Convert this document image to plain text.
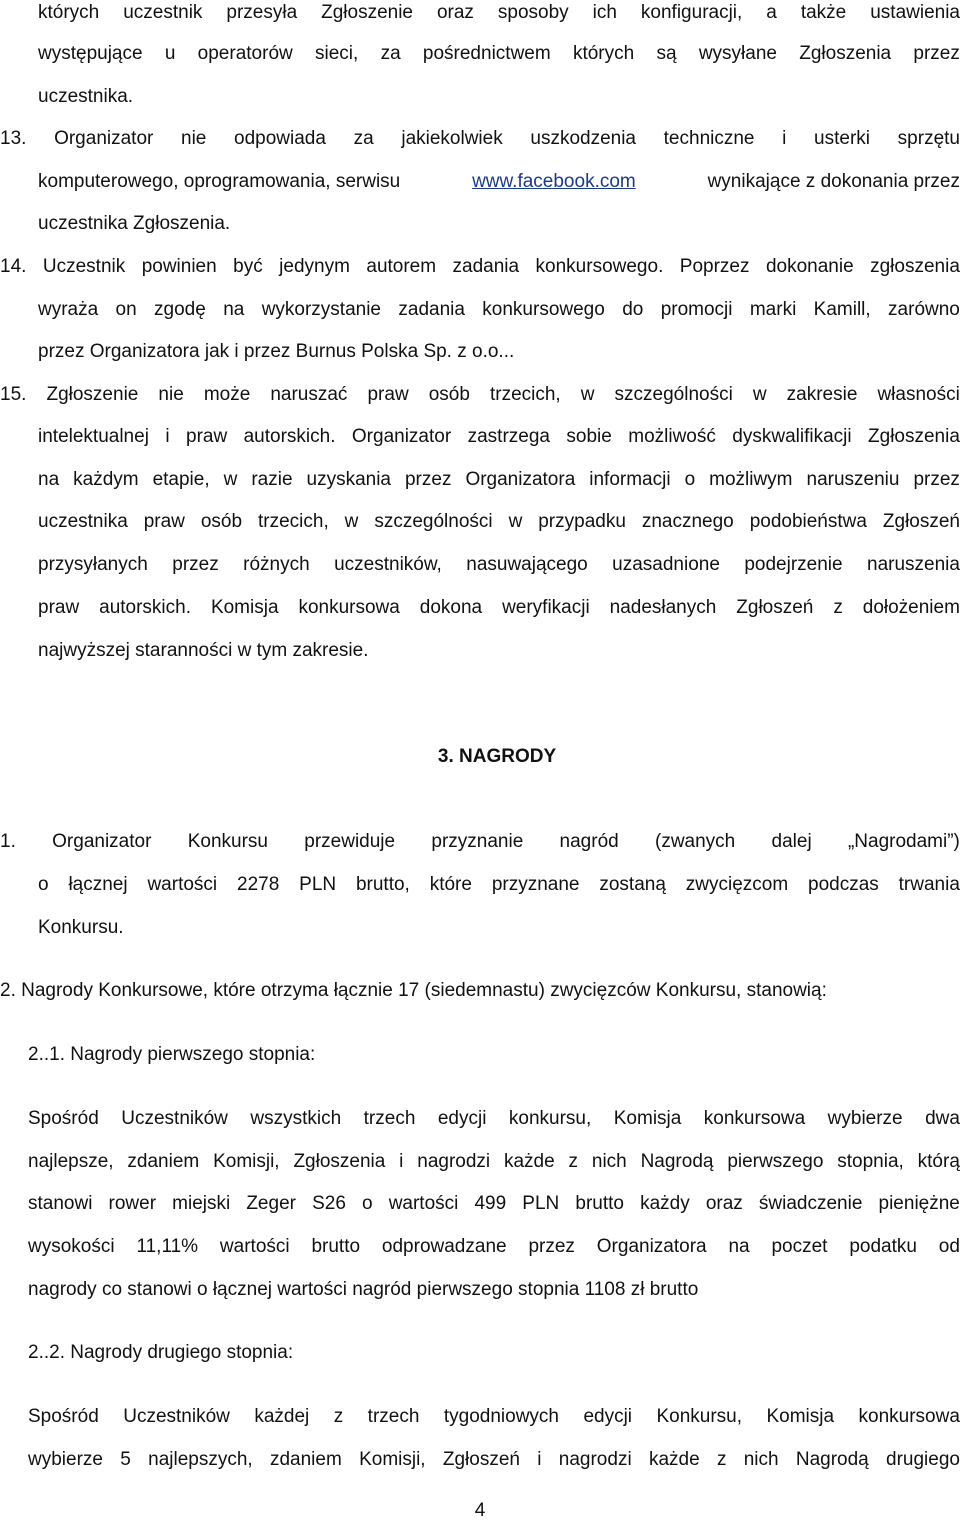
których uczestnik przesyła Zgłoszenie oraz sposoby ich konfiguracji, a także ustawienia
występujące u operatorów sieci, za pośrednictwem których są wysyłane Zgłoszenia przez
uczestnika.
13. Organizator nie odpowiada za jakiekolwiek uszkodzenia techniczne i usterki sprzętu
komputerowego, oprogramowania, serwisu	www.facebook.com	wynikające z dokonania przez
uczestnika Zgłoszenia.
14. Uczestnik powinien być jedynym autorem zadania konkursowego. Poprzez dokonanie zgłoszenia
wyraża on zgodę na wykorzystanie zadania konkursowego do promocji marki Kamill, zarówno
przez Organizatora jak i przez Burnus Polska Sp. z o.o...
15. Zgłoszenie nie może naruszać praw osób trzecich, w szczególności w zakresie własności
intelektualnej i praw autorskich. Organizator zastrzega sobie możliwość dyskwalifikacji Zgłoszenia
na każdym etapie, w razie uzyskania przez Organizatora informacji o możliwym naruszeniu przez
uczestnika praw osób trzecich, w szczególności w przypadku znacznego podobieństwa Zgłoszeń
przysyłanych przez różnych uczestników, nasuwającego uzasadnione podejrzenie naruszenia
praw autorskich. Komisja konkursowa dokona weryfikacji nadesłanych Zgłoszeń z dołożeniem
najwyższej staranności w tym zakresie.
3. NAGRODY
1. Organizator Konkursu przewiduje przyznanie nagród (zwanych dalej „Nagrodami”)
o łącznej wartości 2278 PLN brutto, które przyznane zostaną zwycięzcom podczas trwania
Konkursu.
2. Nagrody Konkursowe, które otrzyma łącznie 17 (siedemnastu) zwycięzców Konkursu, stanowią:
2..1. Nagrody pierwszego stopnia:
Spośród Uczestników wszystkich trzech edycji konkursu, Komisja konkursowa wybierze dwa
najlepsze, zdaniem Komisji, Zgłoszenia i nagrodzi każde z nich Nagrodą pierwszego stopnia, którą
stanowi rower miejski Zeger S26 o wartości 499 PLN brutto każdy oraz świadczenie pieniężne
wysokości 11,11% wartości brutto odprowadzane przez Organizatora na poczet podatku od
nagrody co stanowi o łącznej wartości nagród pierwszego stopnia 1108 zł brutto
2..2. Nagrody drugiego stopnia:
Spośród Uczestników każdej z trzech tygodniowych edycji Konkursu, Komisja konkursowa
wybierze 5 najlepszych, zdaniem Komisji, Zgłoszeń i nagrodzi każde z nich Nagrodą drugiego
4
